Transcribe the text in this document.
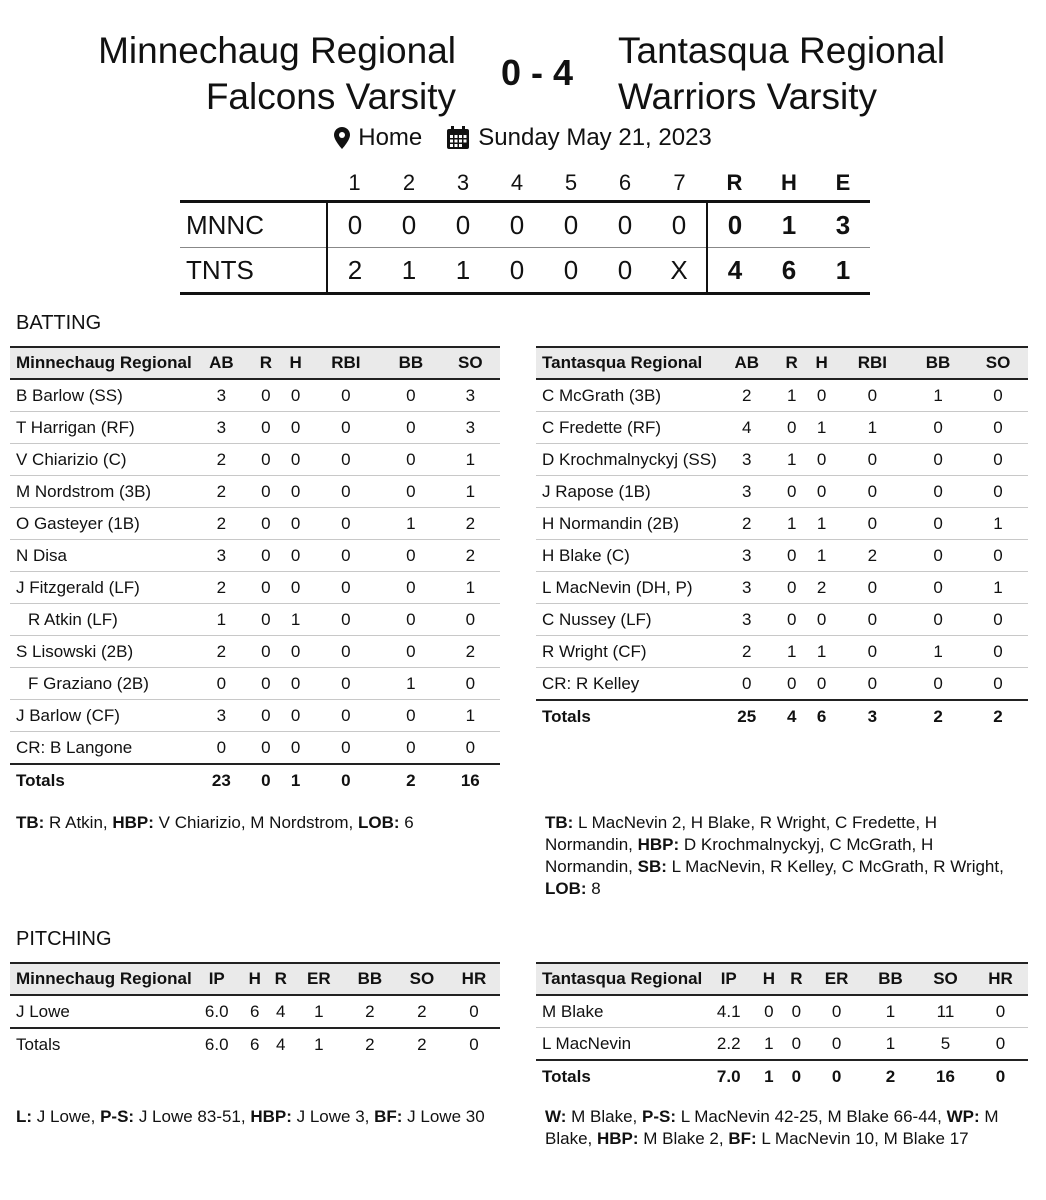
Minnechaug Regional
Falcons Varsity
0 - 4
Tantasqua Regional
Warriors Varsity
Home Sunday May 21, 2023
	1	2	3	4	5	6	7	R	H	E
MNNC	0	0	0	0	0	0	0	0	1	3
TNTS	2	1	1	0	0	0	X	4	6	1
BATTING
Minnechaug Regional	AB	R	H	RBI	BB	SO
B Barlow (SS)	3	0	0	0	0	3
T Harrigan (RF)	3	0	0	0	0	3
V Chiarizio (C)	2	0	0	0	0	1
M Nordstrom (3B)	2	0	0	0	0	1
O Gasteyer (1B)	2	0	0	0	1	2
N Disa	3	0	0	0	0	2
J Fitzgerald (LF)	2	0	0	0	0	1
R Atkin (LF)	1	0	1	0	0	0
S Lisowski (2B)	2	0	0	0	0	2
F Graziano (2B)	0	0	0	0	1	0
J Barlow (CF)	3	0	0	0	0	1
CR: B Langone	0	0	0	0	0	0
Totals	23	0	1	0	2	16
Tantasqua Regional	AB	R	H	RBI	BB	SO
C McGrath (3B)	2	1	0	0	1	0
C Fredette (RF)	4	0	1	1	0	0
D Krochmalnyckyj (SS)	3	1	0	0	0	0
J Rapose (1B)	3	0	0	0	0	0
H Normandin (2B)	2	1	1	0	0	1
H Blake (C)	3	0	1	2	0	0
L MacNevin (DH, P)	3	0	2	0	0	1
C Nussey (LF)	3	0	0	0	0	0
R Wright (CF)	2	1	1	0	1	0
CR: R Kelley	0	0	0	0	0	0
Totals	25	4	6	3	2	2
TB: R Atkin, HBP: V Chiarizio, M Nordstrom, LOB: 6	TB: L MacNevin 2, H Blake, R Wright, C Fredette, H Normandin, HBP: D Krochmalnyckyj, C McGrath, H Normandin, SB: L MacNevin, R Kelley, C McGrath, R Wright, LOB: 8
PITCHING
Minnechaug Regional	IP	H	R	ER	BB	SO	HR
J Lowe	6.0	6	4	1	2	2	0
Totals	6.0	6	4	1	2	2	0
Tantasqua Regional	IP	H	R	ER	BB	SO	HR
M Blake	4.1	0	0	0	1	11	0
L MacNevin	2.2	1	0	0	1	5	0
Totals	7.0	1	0	0	2	16	0
L: J Lowe, P-S: J Lowe 83-51, HBP: J Lowe 3, BF: J Lowe 30	W: M Blake, P-S: L MacNevin 42-25, M Blake 66-44, WP: M Blake, HBP: M Blake 2, BF: L MacNevin 10, M Blake 17
